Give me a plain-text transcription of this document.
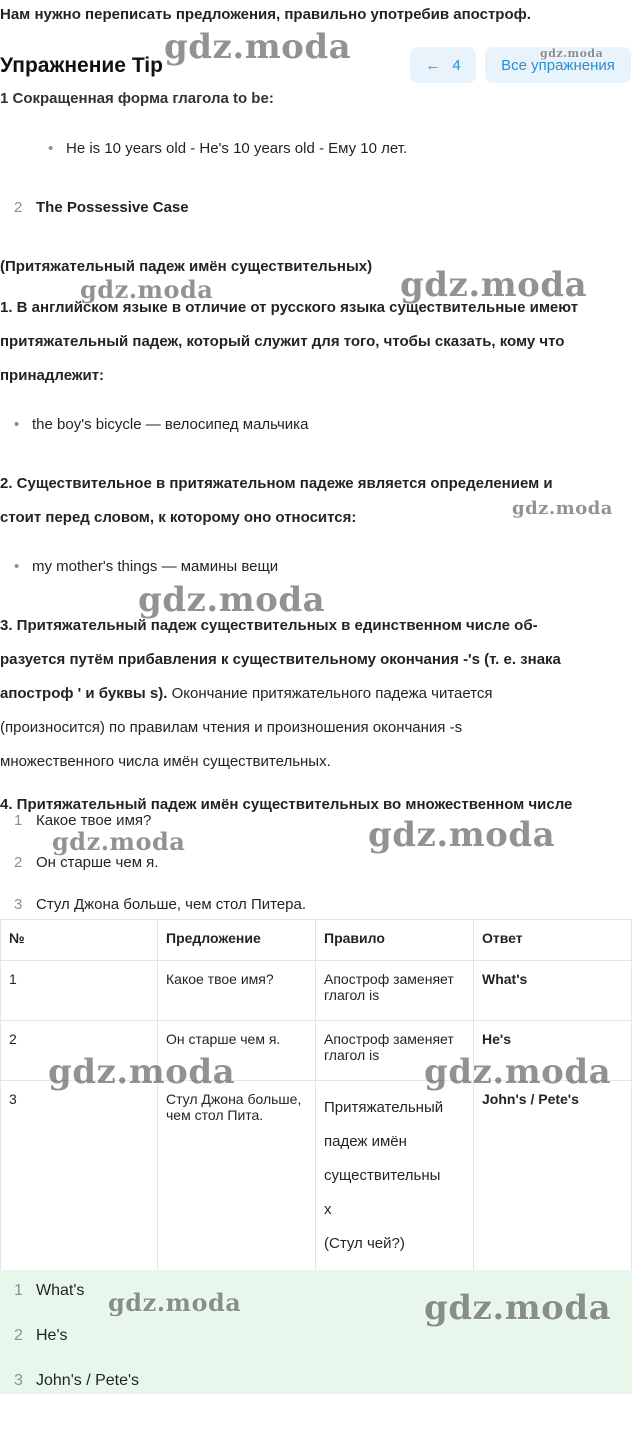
Нам нужно переписать предложения, правильно употребив апостроф.
Упражнение Tip	← 4	Все упражнения
1 Сокращенная форма глагола to be:
• He is 10 years old - He's 10 years old - Ему 10 лет.
2 The Possessive Case
(Притяжательный падеж имён существительных)
1. В английском языке в отличие от русского языка существительные имеют
притяжательный падеж, который служит для того, чтобы сказать, кому что
принадлежит:
• the boy's bicycle — велосипед мальчика
2. Существительное в притяжательном падеже является определением и
стоит перед словом, к которому оно относится:
• my mother's things — мамины вещи
3. Притяжательный падеж существительных в единственном числе об-
разуется путём прибавления к существительному окончания -'s (т. е. знака
апостроф ' и буквы s). Окончание притяжательного падежа читается
(произносится) по правилам чтения и произношения окончания -s
множественного числа имён существительных.
4. Притяжательный падеж имён существительных во множественном числе
1 Какое твое имя?
2 Он старше чем я.
3 Стул Джона больше, чем стол Питера.
№	Предложение	Правило	Ответ
1	Какое твое имя?	Апостроф заменяет глагол is	What's
2	Он старше чем я.	Апостроф заменяет глагол is	He's
3	Стул Джона больше, чем стол Пита.	Притяжательный
падеж имён
существительны
х
(Стул чей?)	John's / Pete's
1 What's
2 He's
3 John's / Pete's
gdz.moda	gdz.moda
gdz.moda
gdz.moda
gdz.moda
gdz.moda
gdz.moda
gdz.moda
gdz.moda	gdz.moda
gdz.moda	gdz.moda
